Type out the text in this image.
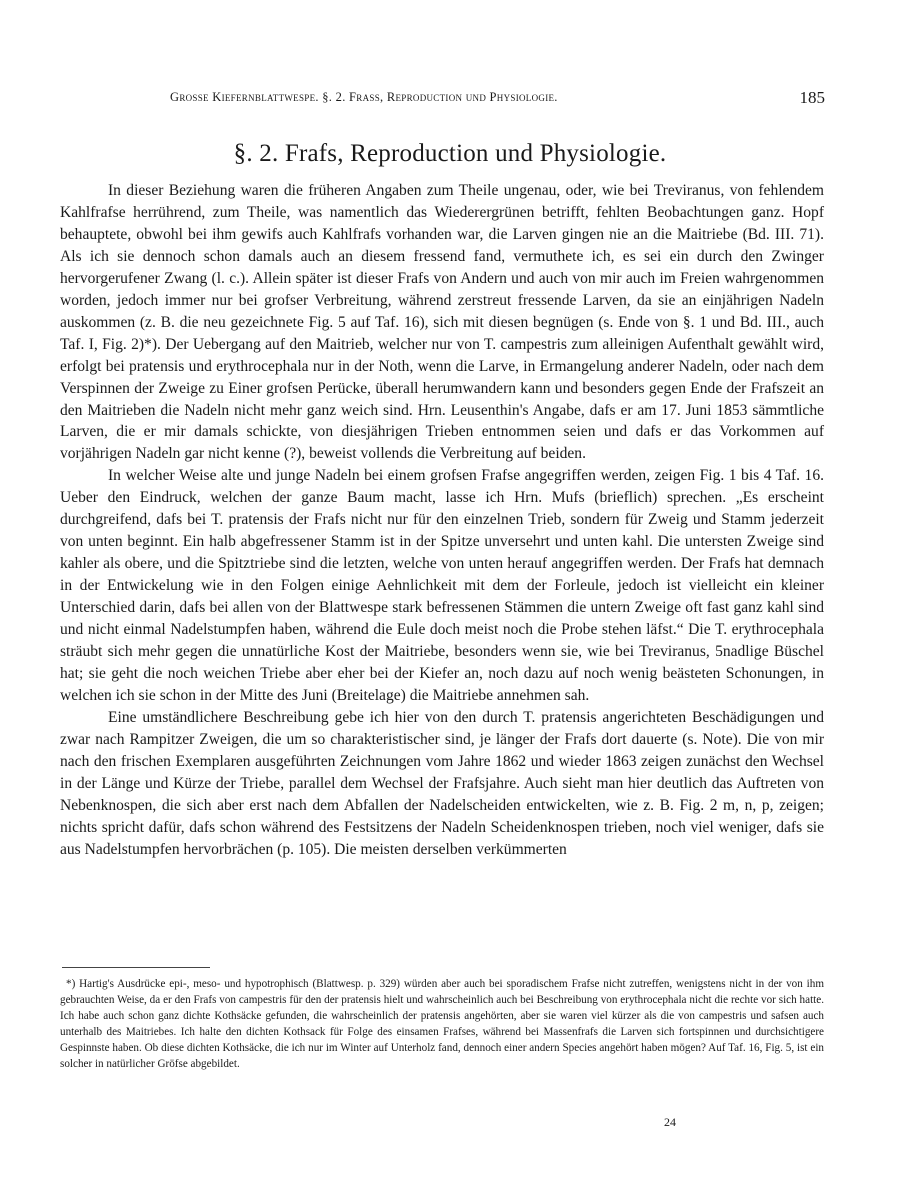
Grosse Kiefernblattwespe. §. 2. Frass, Reproduction und Physiologie.	185
§. 2. Frafs, Reproduction und Physiologie.

In dieser Beziehung waren die früheren Angaben zum Theile ungenau, oder, wie bei Treviranus, von fehlendem Kahlfrafse herrührend, zum Theile, was namentlich das Wiederergrünen betrifft, fehlten Beobachtungen ganz. Hopf behauptete, obwohl bei ihm gewifs auch Kahlfrafs vorhanden war, die Larven gingen nie an die Maitriebe (Bd. III. 71). Als ich sie dennoch schon damals auch an diesem fressend fand, vermuthete ich, es sei ein durch den Zwinger hervorgerufener Zwang (l. c.). Allein später ist dieser Frafs von Andern und auch von mir auch im Freien wahrgenommen worden, jedoch immer nur bei grofser Verbreitung, während zerstreut fressende Larven, da sie an einjährigen Nadeln auskommen (z. B. die neu gezeichnete Fig. 5 auf Taf. 16), sich mit diesen begnügen (s. Ende von §. 1 und Bd. III., auch Taf. I, Fig. 2)*). Der Uebergang auf den Maitrieb, welcher nur von T. campestris zum alleinigen Aufenthalt gewählt wird, erfolgt bei pratensis und erythrocephala nur in der Noth, wenn die Larve, in Ermangelung anderer Nadeln, oder nach dem Verspinnen der Zweige zu Einer grofsen Perücke, überall herumwandern kann und besonders gegen Ende der Frafszeit an den Maitrieben die Nadeln nicht mehr ganz weich sind. Hrn. Leusenthin's Angabe, dafs er am 17. Juni 1853 sämmtliche Larven, die er mir damals schickte, von diesjährigen Trieben entnommen seien und dafs er das Vorkommen auf vorjährigen Nadeln gar nicht kenne (?), beweist vollends die Verbreitung auf beiden.

In welcher Weise alte und junge Nadeln bei einem grofsen Frafse angegriffen werden, zeigen Fig. 1 bis 4 Taf. 16. Ueber den Eindruck, welchen der ganze Baum macht, lasse ich Hrn. Mufs (brieflich) sprechen. „Es erscheint durchgreifend, dafs bei T. pratensis der Frafs nicht nur für den einzelnen Trieb, sondern für Zweig und Stamm jederzeit von unten beginnt. Ein halb abgefressener Stamm ist in der Spitze unversehrt und unten kahl. Die untersten Zweige sind kahler als obere, und die Spitztriebe sind die letzten, welche von unten herauf angegriffen werden. Der Frafs hat demnach in der Entwickelung wie in den Folgen einige Aehnlichkeit mit dem der Forleule, jedoch ist vielleicht ein kleiner Unterschied darin, dafs bei allen von der Blattwespe stark befressenen Stämmen die untern Zweige oft fast ganz kahl sind und nicht einmal Nadelstumpfen haben, während die Eule doch meist noch die Probe stehen läfst.“ Die T. erythrocephala sträubt sich mehr gegen die unnatürliche Kost der Maitriebe, besonders wenn sie, wie bei Treviranus, 5nadlige Büschel hat; sie geht die noch weichen Triebe aber eher bei der Kiefer an, noch dazu auf noch wenig beästeten Schonungen, in welchen ich sie schon in der Mitte des Juni (Breitelage) die Maitriebe annehmen sah.

Eine umständlichere Beschreibung gebe ich hier von den durch T. pratensis angerichteten Beschädigungen und zwar nach Rampitzer Zweigen, die um so charakteristischer sind, je länger der Frafs dort dauerte (s. Note). Die von mir nach den frischen Exemplaren ausgeführten Zeichnungen vom Jahre 1862 und wieder 1863 zeigen zunächst den Wechsel in der Länge und Kürze der Triebe, parallel dem Wechsel der Frafsjahre. Auch sieht man hier deutlich das Auftreten von Nebenknospen, die sich aber erst nach dem Abfallen der Nadelscheiden entwickelten, wie z. B. Fig. 2 m, n, p, zeigen; nichts spricht dafür, dafs schon während des Festsitzens der Nadeln Scheidenknospen trieben, noch viel weniger, dafs sie aus Nadelstumpfen hervorbrächen (p. 105). Die meisten derselben verkümmerten

*) Hartig's Ausdrücke epi-, meso- und hypotrophisch (Blattwesp. p. 329) würden aber auch bei sporadischem Frafse nicht zutreffen, wenigstens nicht in der von ihm gebrauchten Weise, da er den Frafs von campestris für den der pratensis hielt und wahrscheinlich auch bei Beschreibung von erythrocephala nicht die rechte vor sich hatte. Ich habe auch schon ganz dichte Kothsäcke gefunden, die wahrscheinlich der pratensis angehörten, aber sie waren viel kürzer als die von campestris und safsen auch unterhalb des Maitriebes. Ich halte den dichten Kothsack für Folge des einsamen Frafses, während bei Massenfrafs die Larven sich fortspinnen und durchsichtigere Gespinnste haben. Ob diese dichten Kothsäcke, die ich nur im Winter auf Unterholz fand, dennoch einer andern Species angehört haben mögen? Auf Taf. 16, Fig. 5, ist ein solcher in natürlicher Gröfse abgebildet.

24
